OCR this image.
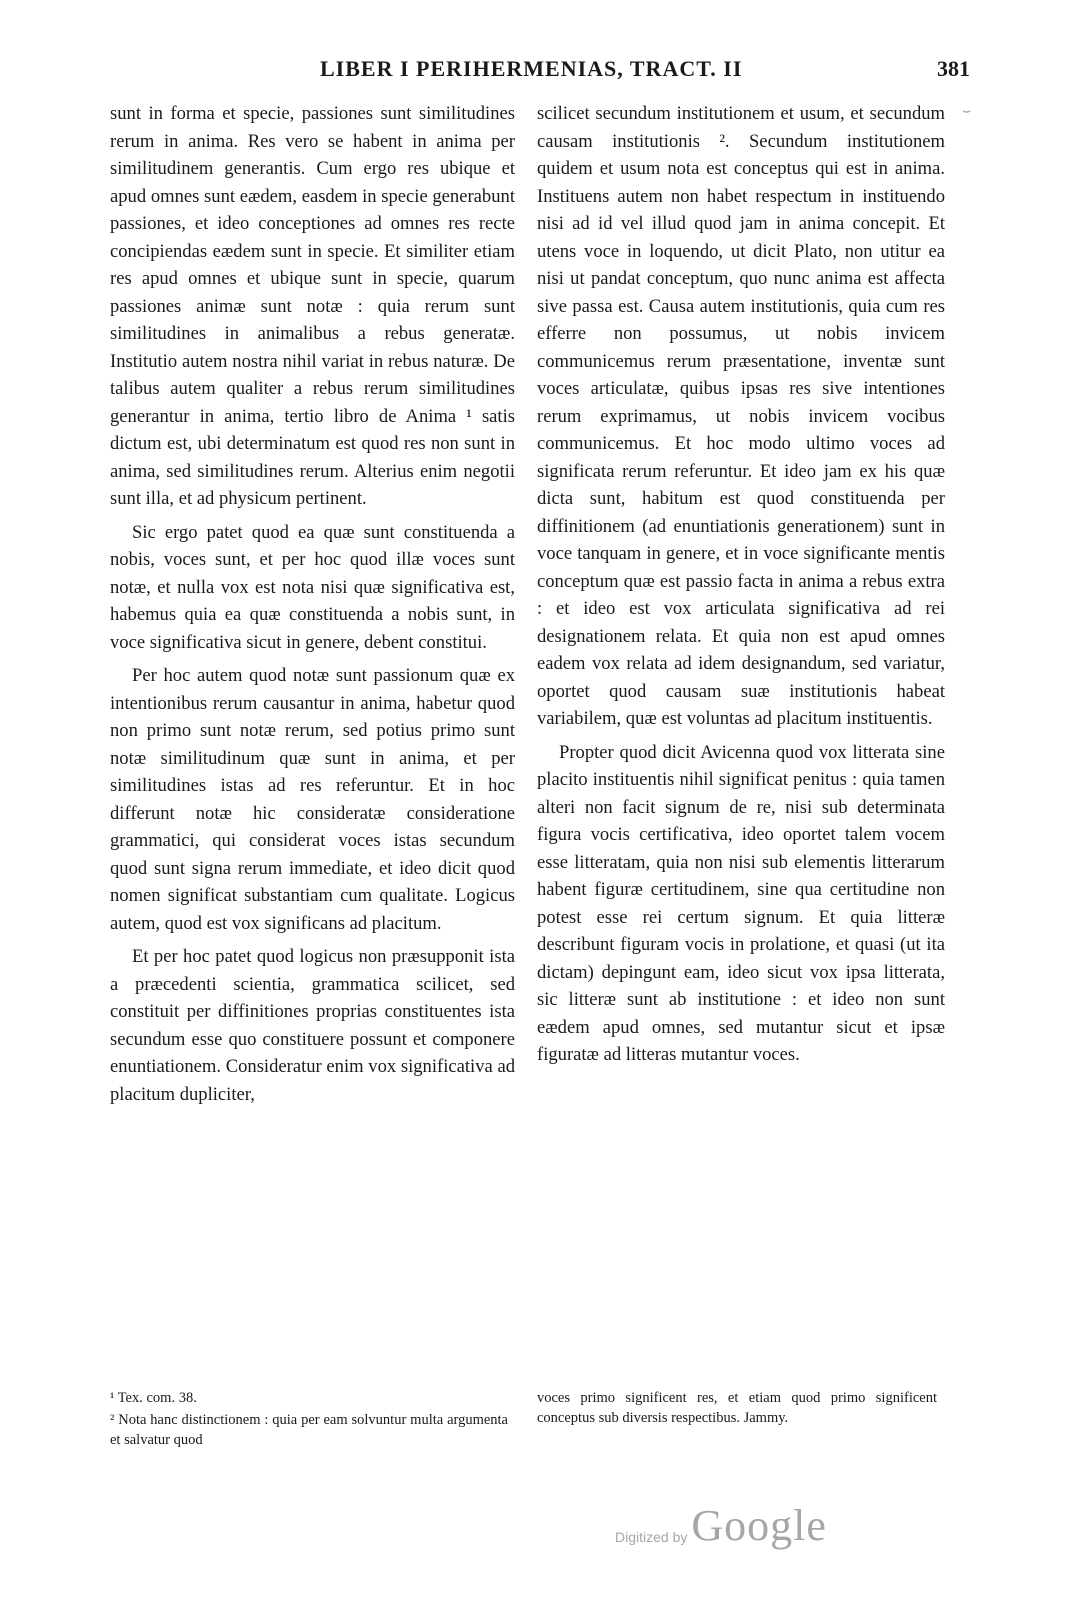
LIBER I PERIHERMENIAS, TRACT. II	381

sunt in forma et specie, passiones sunt similitudines rerum in anima. Res vero se habent in anima per similitudinem generantis. Cum ergo res ubique et apud omnes sunt eædem, easdem in specie generabunt passiones, et ideo conceptiones ad omnes res recte concipiendas eædem sunt in specie. Et similiter etiam res apud omnes et ubique sunt in specie, quarum passiones animæ sunt notæ : quia rerum sunt similitudines in animalibus a rebus generatæ. Institutio autem nostra nihil variat in rebus naturæ. De talibus autem qualiter a rebus rerum similitudines generantur in anima, tertio libro de Anima ¹ satis dictum est, ubi determinatum est quod res non sunt in anima, sed similitudines rerum. Alterius enim negotii sunt illa, et ad physicum pertinent.

Sic ergo patet quod ea quæ sunt constituenda a nobis, voces sunt, et per hoc quod illæ voces sunt notæ, et nulla vox est nota nisi quæ significativa est, habemus quia ea quæ constituenda a nobis sunt, in voce significativa sicut in genere, debent constitui.

Per hoc autem quod notæ sunt passionum quæ ex intentionibus rerum causantur in anima, habetur quod non primo sunt notæ rerum, sed potius primo sunt notæ similitudinum quæ sunt in anima, et per similitudines istas ad res referuntur. Et in hoc differunt notæ hic consideratæ consideratione grammatici, qui considerat voces istas secundum quod sunt signa rerum immediate, et ideo dicit quod nomen significat substantiam cum qualitate. Logicus autem, quod est vox significans ad placitum.

Et per hoc patet quod logicus non præsupponit ista a præcedenti scientia, grammatica scilicet, sed constituit per diffinitiones proprias constituentes ista secundum esse quo constituere possunt et componere enuntiationem. Consideratur enim vox significativa ad placitum dupliciter,

scilicet secundum institutionem et usum, et secundum causam institutionis ². Secundum institutionem quidem et usum nota est conceptus qui est in anima. Instituens autem non habet respectum in instituendo nisi ad id vel illud quod jam in anima concepit. Et utens voce in loquendo, ut dicit Plato, non utitur ea nisi ut pandat conceptum, quo nunc anima est affecta sive passa est. Causa autem institutionis, quia cum res efferre non possumus, ut nobis invicem communicemus rerum præsentatione, inventæ sunt voces articulatæ, quibus ipsas res sive intentiones rerum exprimamus, ut nobis invicem vocibus communicemus. Et hoc modo ultimo voces ad significata rerum referuntur. Et ideo jam ex his quæ dicta sunt, habitum est quod constituenda per diffinitionem (ad enuntiationis generationem) sunt in voce tanquam in genere, et in voce significante mentis conceptum quæ est passio facta in anima a rebus extra : et ideo est vox articulata significativa ad rei designationem relata. Et quia non est apud omnes eadem vox relata ad idem designandum, sed variatur, oportet quod causam suæ institutionis habeat variabilem, quæ est voluntas ad placitum instituentis.

Propter quod dicit Avicenna quod vox litterata sine placito instituentis nihil significat penitus : quia tamen alteri non facit signum de re, nisi sub determinata figura vocis certificativa, ideo oportet talem vocem esse litteratam, quia non nisi sub elementis litterarum habent figuræ certitudinem, sine qua certitudine non potest esse rei certum signum. Et quia litteræ describunt figuram vocis in prolatione, et quasi (ut ita dictam) depingunt eam, ideo sicut vox ipsa litterata, sic litteræ sunt ab institutione : et ideo non sunt eædem apud omnes, sed mutantur sicut et ipsæ figuratæ ad litteras mutantur voces.

¹ Tex. com. 38.

² Nota hanc distinctionem : quia per eam solvuntur multa argumenta et salvatur quod

voces primo significent res, et etiam quod primo significent conceptus sub diversis respectibus. Jammy.

⌣
Digitized by Google
